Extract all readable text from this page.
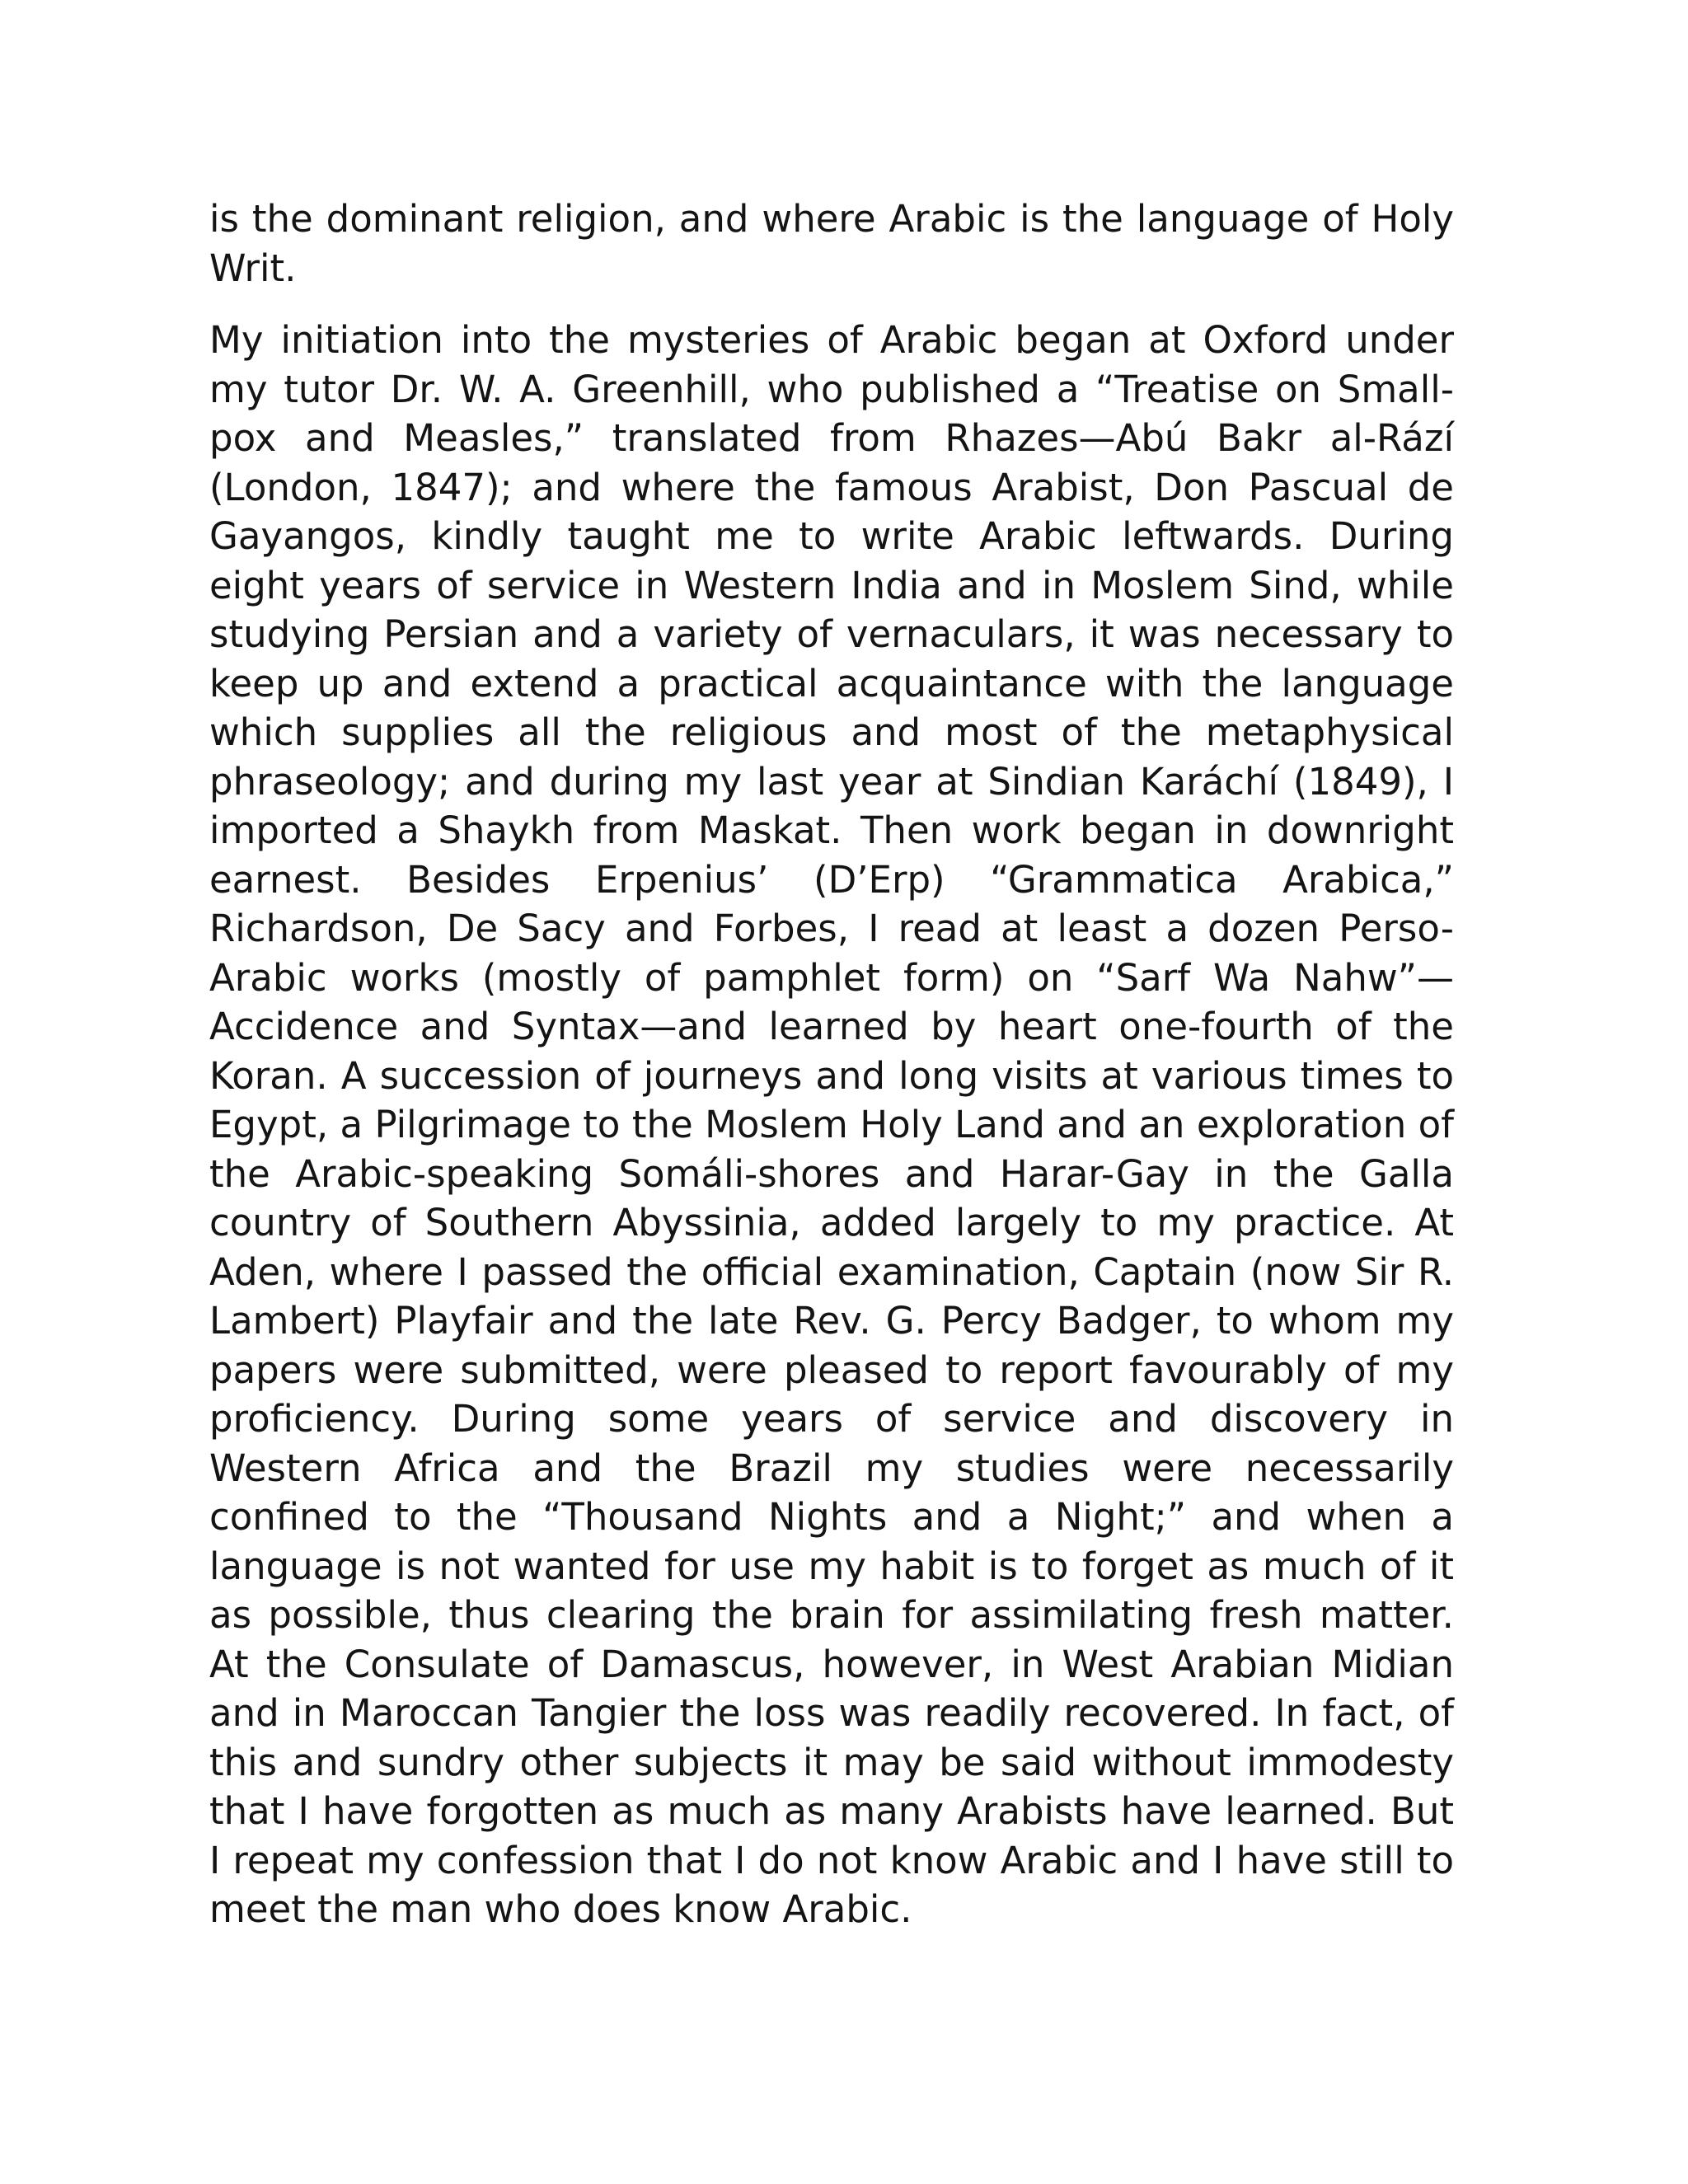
is the dominant religion, and where Arabic is the language of Holy Writ.

My initiation into the mysteries of Arabic began at Oxford under my tutor Dr. W. A. Greenhill, who published a “Treatise on Small-pox and Measles,” translated from Rhazes—Abú Bakr al-Rází (London, 1847); and where the famous Arabist, Don Pascual de Gayangos, kindly taught me to write Arabic leftwards. During eight years of service in Western India and in Moslem Sind, while studying Persian and a variety of vernaculars, it was necessary to keep up and extend a practical acquaintance with the language which supplies all the religious and most of the metaphysical phraseology; and during my last year at Sindian Karáchí (1849), I imported a Shaykh from Maskat. Then work began in downright earnest. Besides Erpenius’ (D’Erp) “Grammatica Arabica,” Richardson, De Sacy and Forbes, I read at least a dozen Perso-Arabic works (mostly of pamphlet form) on “Sarf Wa Nahw”—Accidence and Syntax—and learned by heart one-fourth of the Koran. A succession of journeys and long visits at various times to Egypt, a Pilgrimage to the Moslem Holy Land and an exploration of the Arabic-speaking Somáli-shores and Harar-Gay in the Galla country of Southern Abyssinia, added largely to my practice. At Aden, where I passed the official examination, Captain (now Sir R. Lambert) Playfair and the late Rev. G. Percy Badger, to whom my papers were submitted, were pleased to report favourably of my proficiency. During some years of service and discovery in Western Africa and the Brazil my studies were necessarily confined to the “Thousand Nights and a Night;” and when a language is not wanted for use my habit is to forget as much of it as possible, thus clearing the brain for assimilating fresh matter. At the Consulate of Damascus, however, in West Arabian Midian and in Maroccan Tangier the loss was readily recovered. In fact, of this and sundry other subjects it may be said without immodesty that I have forgotten as much as many Arabists have learned. But I repeat my confession that I do not know Arabic and I have still to meet the man who does know Arabic.
